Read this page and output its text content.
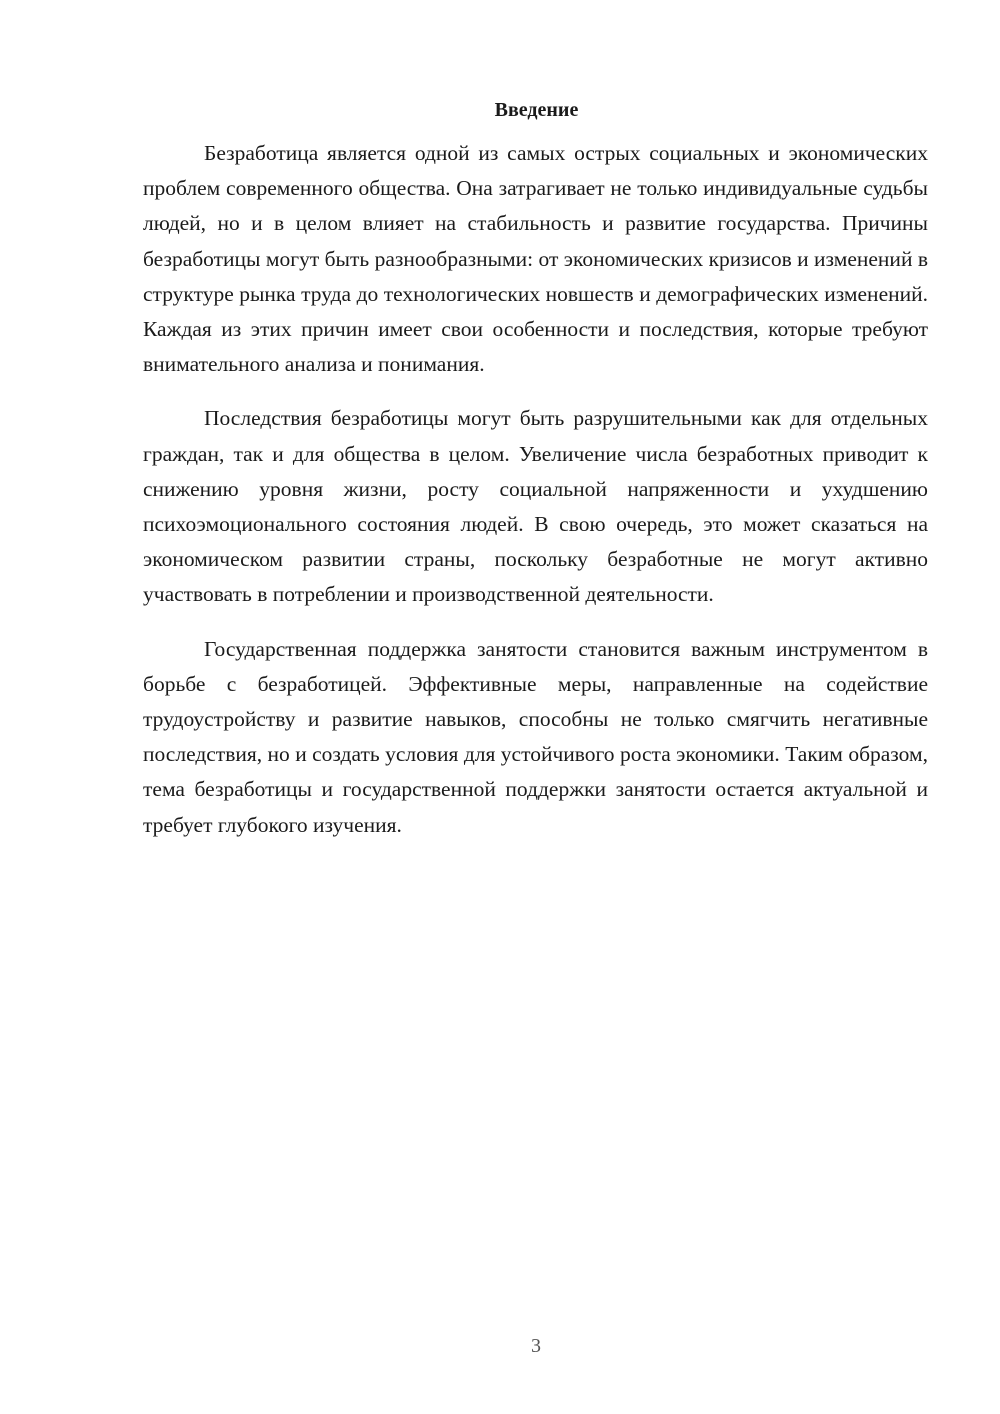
Введение

Безработица является одной из самых острых социальных и экономических проблем современного общества. Она затрагивает не только индивидуальные судьбы людей, но и в целом влияет на стабильность и развитие государства. Причины безработицы могут быть разнообразными: от экономических кризисов и изменений в структуре рынка труда до технологических новшеств и демографических изменений. Каждая из этих причин имеет свои особенности и последствия, которые требуют внимательного анализа и понимания.

Последствия безработицы могут быть разрушительными как для отдельных граждан, так и для общества в целом. Увеличение числа безработных приводит к снижению уровня жизни, росту социальной напряженности и ухудшению психоэмоционального состояния людей. В свою очередь, это может сказаться на экономическом развитии страны, поскольку безработные не могут активно участвовать в потреблении и производственной деятельности.

Государственная поддержка занятости становится важным инструментом в борьбе с безработицей. Эффективные меры, направленные на содействие трудоустройству и развитие навыков, способны не только смягчить негативные последствия, но и создать условия для устойчивого роста экономики. Таким образом, тема безработицы и государственной поддержки занятости остается актуальной и требует глубокого изучения.

3
